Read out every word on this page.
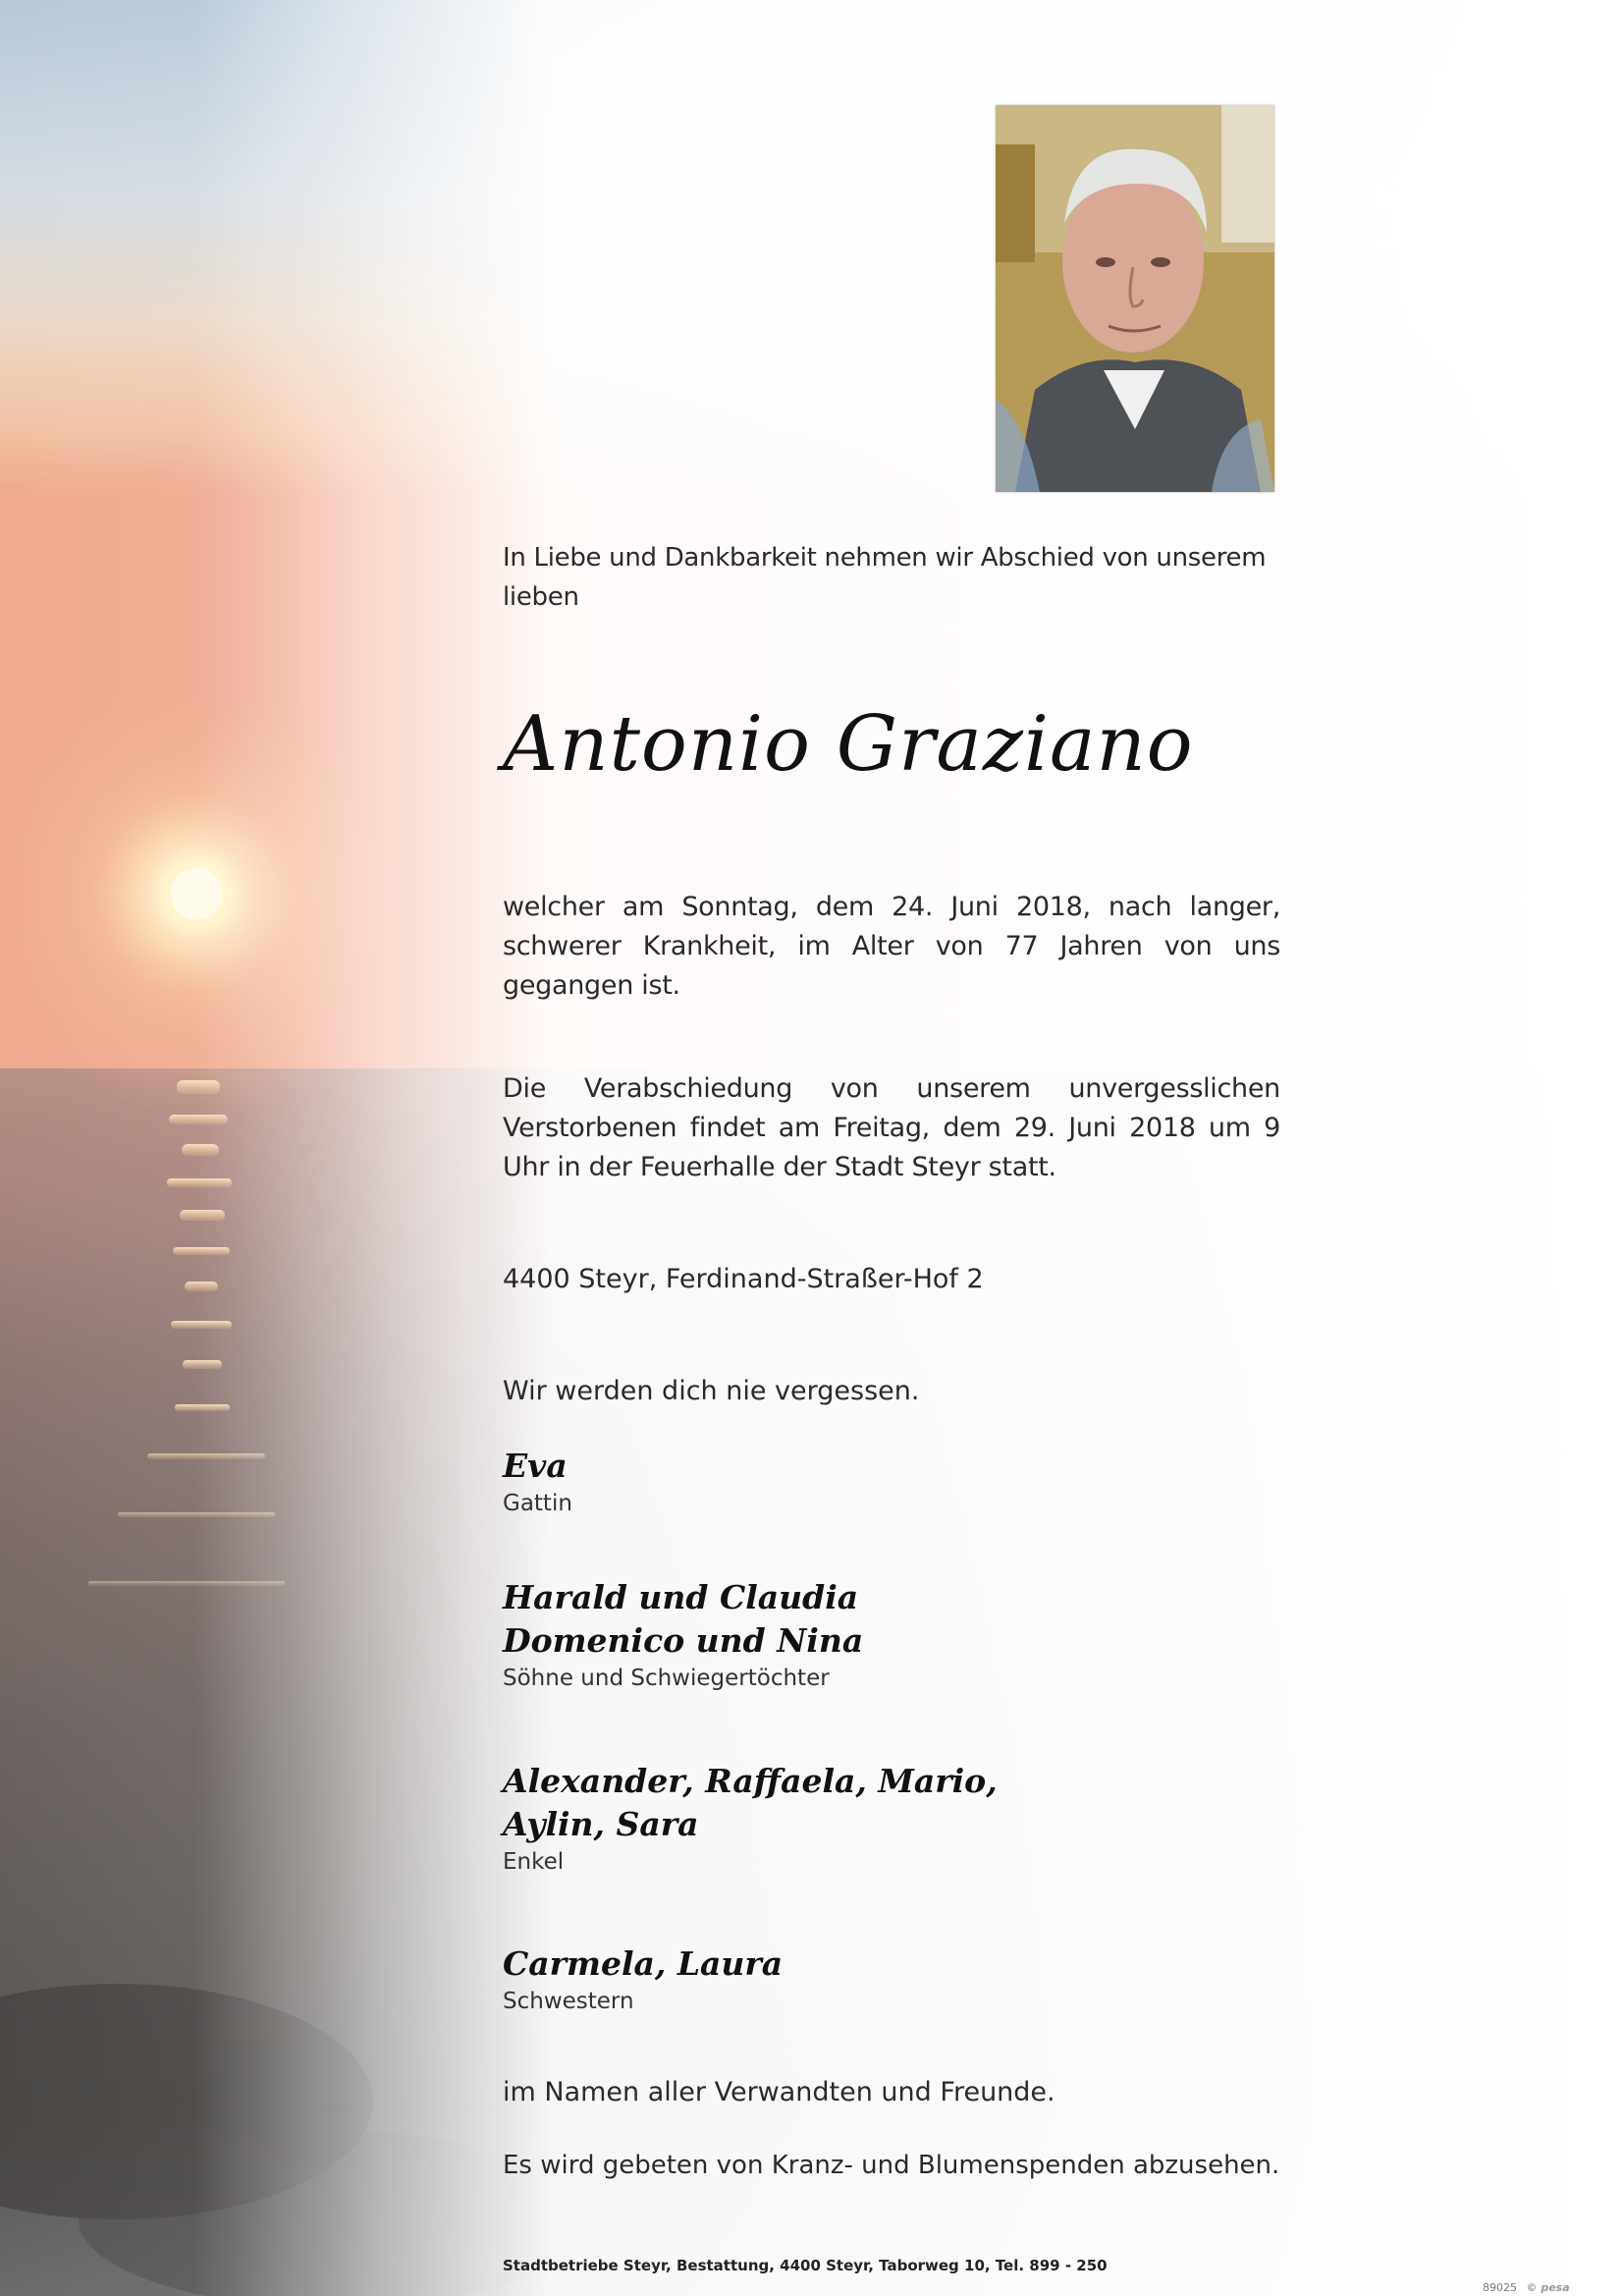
In Liebe und Dankbarkeit nehmen wir Abschied von unserem lieben
Antonio Graziano
welcher am Sonntag, dem 24. Juni 2018, nach langer, schwerer Krankheit, im Alter von 77 Jahren von uns gegangen ist.
Die Verabschiedung von unserem unvergesslichen Verstorbenen findet am Freitag, dem 29. Juni 2018 um 9 Uhr in der Feuerhalle der Stadt Steyr statt.
4400 Steyr, Ferdinand-Straßer-Hof 2
Wir werden dich nie vergessen.
Eva
Gattin
Harald und Claudia
Domenico und Nina
Söhne und Schwiegertöchter
Alexander, Raffaela, Mario,
Aylin, Sara
Enkel
Carmela, Laura
Schwestern
im Namen aller Verwandten und Freunde.
Es wird gebeten von Kranz- und Blumenspenden abzusehen.
Stadtbetriebe Steyr, Bestattung, 4400 Steyr, Taborweg 10, Tel. 899 - 250
89025 © pesa
